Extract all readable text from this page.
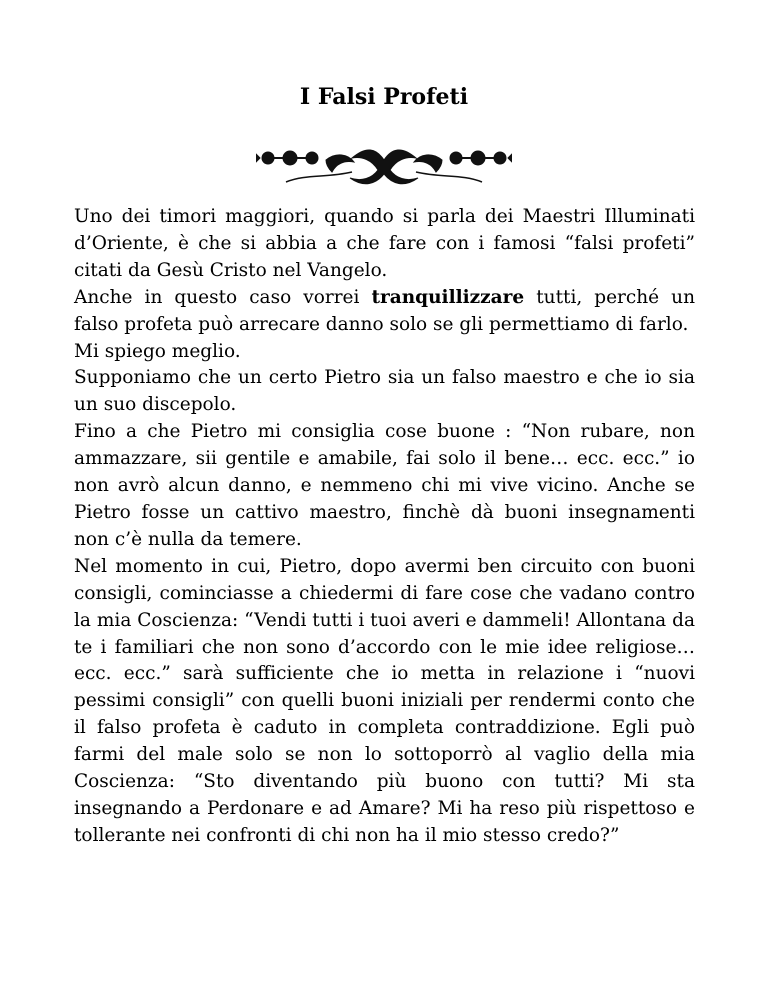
I Falsi Profeti

Uno dei timori maggiori, quando si parla dei Maestri Illuminati d’Oriente, è che si abbia a che fare con i famosi “falsi profeti” citati da Gesù Cristo nel Vangelo.

Anche in questo caso vorrei tranquillizzare tutti, perché un falso profeta può arrecare danno solo se gli permettiamo di farlo.

Mi spiego meglio.

Supponiamo che un certo Pietro sia un falso maestro e che io sia un suo discepolo.

Fino a che Pietro mi consiglia cose buone : “Non rubare, non ammazzare, sii gentile e amabile, fai solo il bene… ecc. ecc.” io non avrò alcun danno, e nemmeno chi mi vive vicino. Anche se Pietro fosse un cattivo maestro, finchè dà buoni insegnamenti non c’è nulla da temere.

Nel momento in cui, Pietro, dopo avermi ben circuito con buoni consigli, cominciasse a chiedermi di fare cose che vadano contro la mia Coscienza: “Vendi tutti i tuoi averi e dammeli! Allontana da te i familiari che non sono d’accordo con le mie idee religiose… ecc. ecc.” sarà sufficiente che io metta in relazione i “nuovi pessimi consigli” con quelli buoni iniziali per rendermi conto che il falso profeta è caduto in completa contraddizione. Egli può farmi del male solo se non lo sottoporrò al vaglio della mia Coscienza: “Sto diventando più buono con tutti? Mi sta insegnando a Perdonare e ad Amare? Mi ha reso più rispettoso e tollerante nei confronti di chi non ha il mio stesso credo?”
